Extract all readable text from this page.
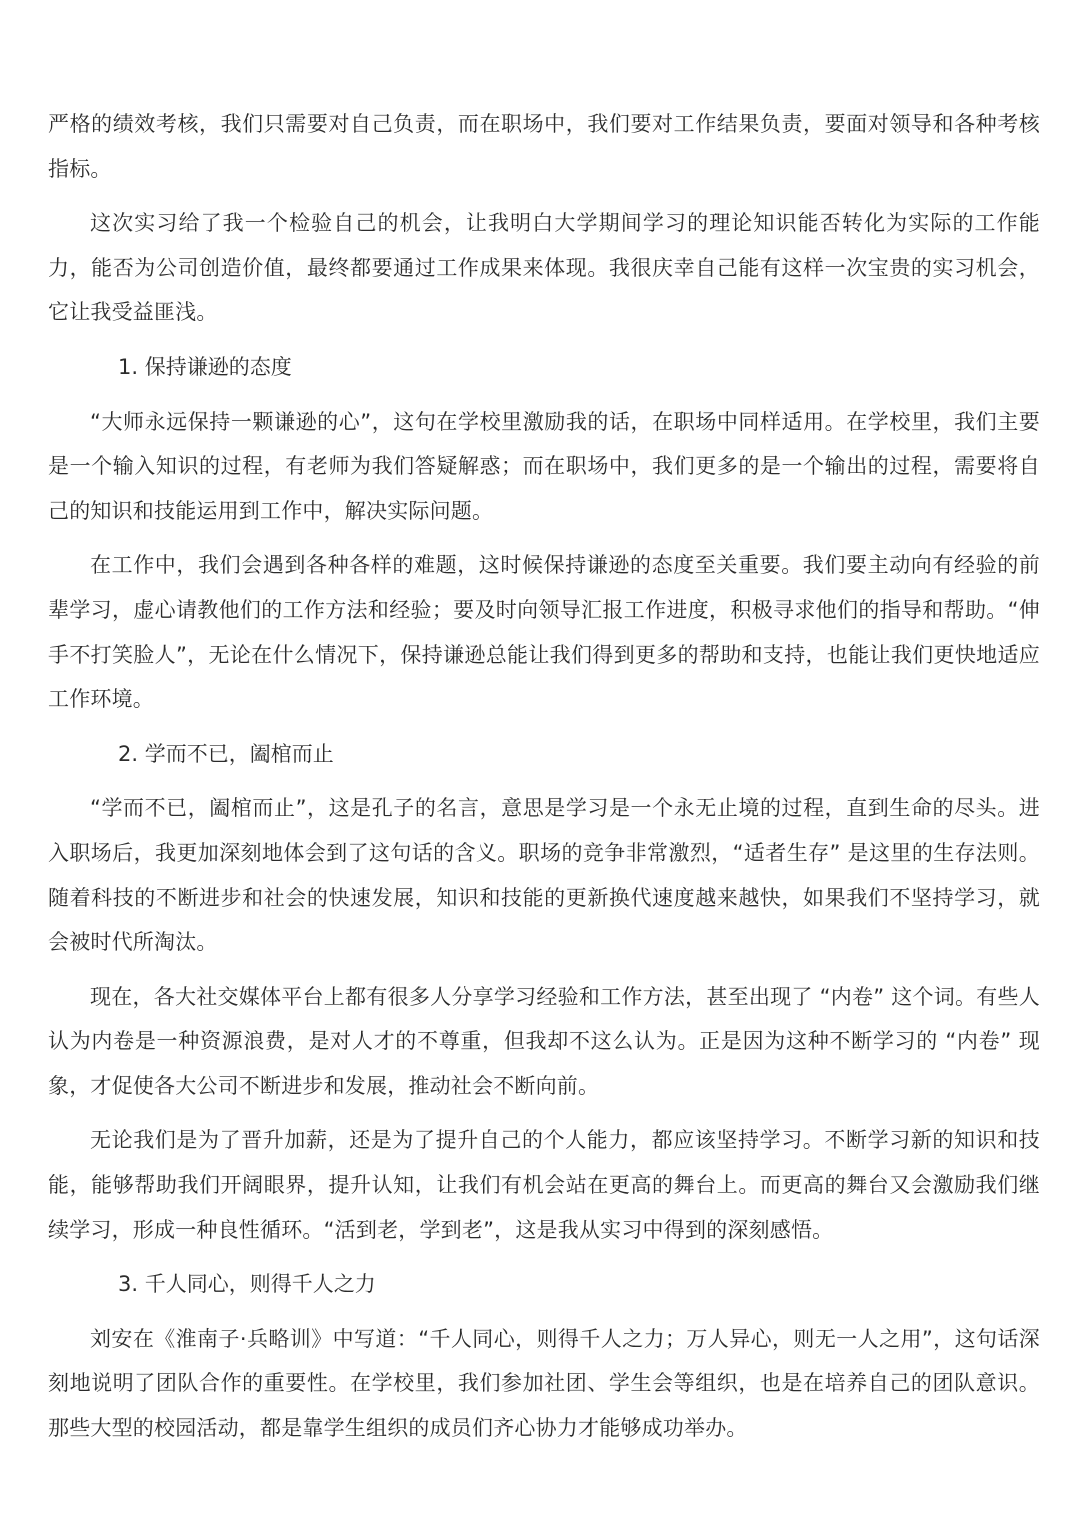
严格的绩效考核，我们只需要对自己负责，而在职场中，我们要对工作结果负责，要面对领导和各种考核指标。

这次实习给了我一个检验自己的机会，让我明白大学期间学习的理论知识能否转化为实际的工作能力，能否为公司创造价值，最终都要通过工作成果来体现。我很庆幸自己能有这样一次宝贵的实习机会，它让我受益匪浅。

1. 保持谦逊的态度

“大师永远保持一颗谦逊的心”，这句在学校里激励我的话，在职场中同样适用。在学校里，我们主要是一个输入知识的过程，有老师为我们答疑解惑；而在职场中，我们更多的是一个输出的过程，需要将自己的知识和技能运用到工作中，解决实际问题。

在工作中，我们会遇到各种各样的难题，这时候保持谦逊的态度至关重要。我们要主动向有经验的前辈学习，虚心请教他们的工作方法和经验；要及时向领导汇报工作进度，积极寻求他们的指导和帮助。“伸手不打笑脸人”，无论在什么情况下，保持谦逊总能让我们得到更多的帮助和支持，也能让我们更快地适应工作环境。

2. 学而不已，阖棺而止

“学而不已，阖棺而止”，这是孔子的名言，意思是学习是一个永无止境的过程，直到生命的尽头。进入职场后，我更加深刻地体会到了这句话的含义。职场的竞争非常激烈，“适者生存” 是这里的生存法则。随着科技的不断进步和社会的快速发展，知识和技能的更新换代速度越来越快，如果我们不坚持学习，就会被时代所淘汰。

现在，各大社交媒体平台上都有很多人分享学习经验和工作方法，甚至出现了 “内卷” 这个词。有些人认为内卷是一种资源浪费，是对人才的不尊重，但我却不这么认为。正是因为这种不断学习的 “内卷” 现象，才促使各大公司不断进步和发展，推动社会不断向前。

无论我们是为了晋升加薪，还是为了提升自己的个人能力，都应该坚持学习。不断学习新的知识和技能，能够帮助我们开阔眼界，提升认知，让我们有机会站在更高的舞台上。而更高的舞台又会激励我们继续学习，形成一种良性循环。“活到老，学到老”，这是我从实习中得到的深刻感悟。

3. 千人同心，则得千人之力

刘安在《淮南子·兵略训》中写道：“千人同心，则得千人之力；万人异心，则无一人之用”，这句话深刻地说明了团队合作的重要性。在学校里，我们参加社团、学生会等组织，也是在培养自己的团队意识。那些大型的校园活动，都是靠学生组织的成员们齐心协力才能够成功举办。
